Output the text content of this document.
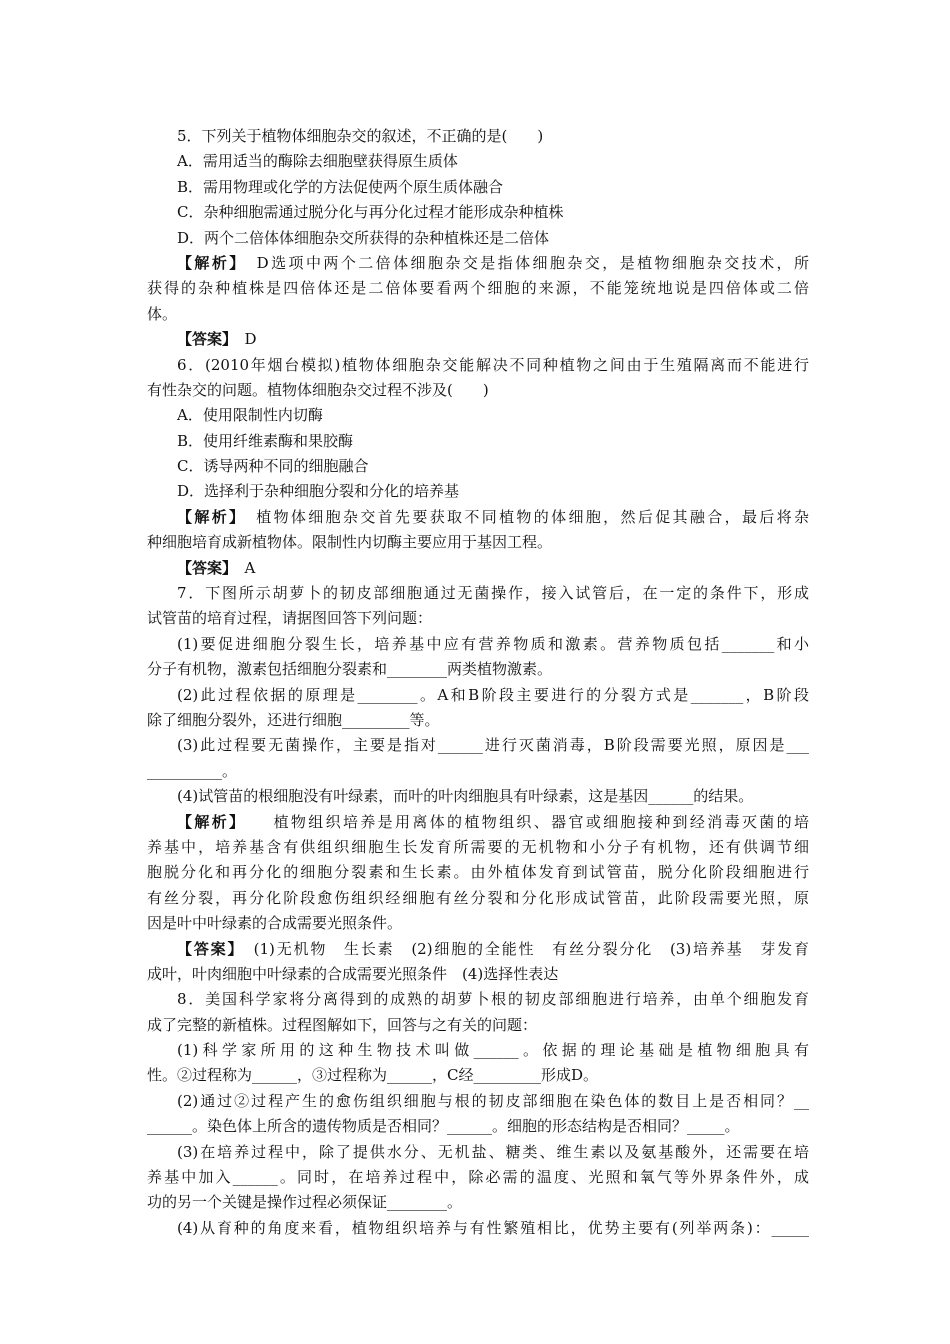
5．下列关于植物体细胞杂交的叙述，不正确的是(　　)
A．需用适当的酶除去细胞壁获得原生质体
B．需用物理或化学的方法促使两个原生质体融合
C．杂种细胞需通过脱分化与再分化过程才能形成杂种植株
D．两个二倍体体细胞杂交所获得的杂种植株还是二倍体
【解析】　D选项中两个二倍体细胞杂交是指体细胞杂交，是植物细胞杂交技术，所
获得的杂种植株是四倍体还是二倍体要看两个细胞的来源，不能笼统地说是四倍体或二倍
体。
【答案】　D
6．(2010年烟台模拟)植物体细胞杂交能解决不同种植物之间由于生殖隔离而不能进行
有性杂交的问题。植物体细胞杂交过程不涉及(　　)
A．使用限制性内切酶
B．使用纤维素酶和果胶酶
C．诱导两种不同的细胞融合
D．选择利于杂种细胞分裂和分化的培养基
【解析】　植物体细胞杂交首先要获取不同植物的体细胞，然后促其融合，最后将杂
种细胞培育成新植物体。限制性内切酶主要应用于基因工程。
【答案】　A
7．下图所示胡萝卜的韧皮部细胞通过无菌操作，接入试管后，在一定的条件下，形成
试管苗的培育过程，请据图回答下列问题：
(1)要促进细胞分裂生长，培养基中应有营养物质和激素。营养物质包括_______和小
分子有机物，激素包括细胞分裂素和________两类植物激素。
(2)此过程依据的原理是________。A和B阶段主要进行的分裂方式是_______，B阶段
除了细胞分裂外，还进行细胞_________等。
(3)此过程要无菌操作，主要是指对______进行灭菌消毒，B阶段需要光照，原因是___
__________。
(4)试管苗的根细胞没有叶绿素，而叶的叶肉细胞具有叶绿素，这是基因______的结果。
【解析】　　植物组织培养是用离体的植物组织、器官或细胞接种到经消毒灭菌的培
养基中，培养基含有供组织细胞生长发育所需要的无机物和小分子有机物，还有供调节细
胞脱分化和再分化的细胞分裂素和生长素。由外植体发育到试管苗，脱分化阶段细胞进行
有丝分裂，再分化阶段愈伤组织经细胞有丝分裂和分化形成试管苗，此阶段需要光照，原
因是叶中叶绿素的合成需要光照条件。
【答案】　(1)无机物　生长素　(2)细胞的全能性　有丝分裂分化　(3)培养基　芽发育
成叶，叶肉细胞中叶绿素的合成需要光照条件　(4)选择性表达
8．美国科学家将分离得到的成熟的胡萝卜根的韧皮部细胞进行培养，由单个细胞发育
成了完整的新植株。过程图解如下，回答与之有关的问题：
(1)科学家所用的这种生物技术叫做______。依据的理论基础是植物细胞具有
性。②过程称为______，③过程称为______，C经_________形成D。
(2)通过②过程产生的愈伤组织细胞与根的韧皮部细胞在染色体的数目上是否相同？__
______。染色体上所含的遗传物质是否相同？______。细胞的形态结构是否相同？_____。
(3)在培养过程中，除了提供水分、无机盐、糖类、维生素以及氨基酸外，还需要在培
养基中加入______。同时，在培养过程中，除必需的温度、光照和氧气等外界条件外，成
功的另一个关键是操作过程必须保证________。
(4)从育种的角度来看，植物组织培养与有性繁殖相比，优势主要有(列举两条)：_____
